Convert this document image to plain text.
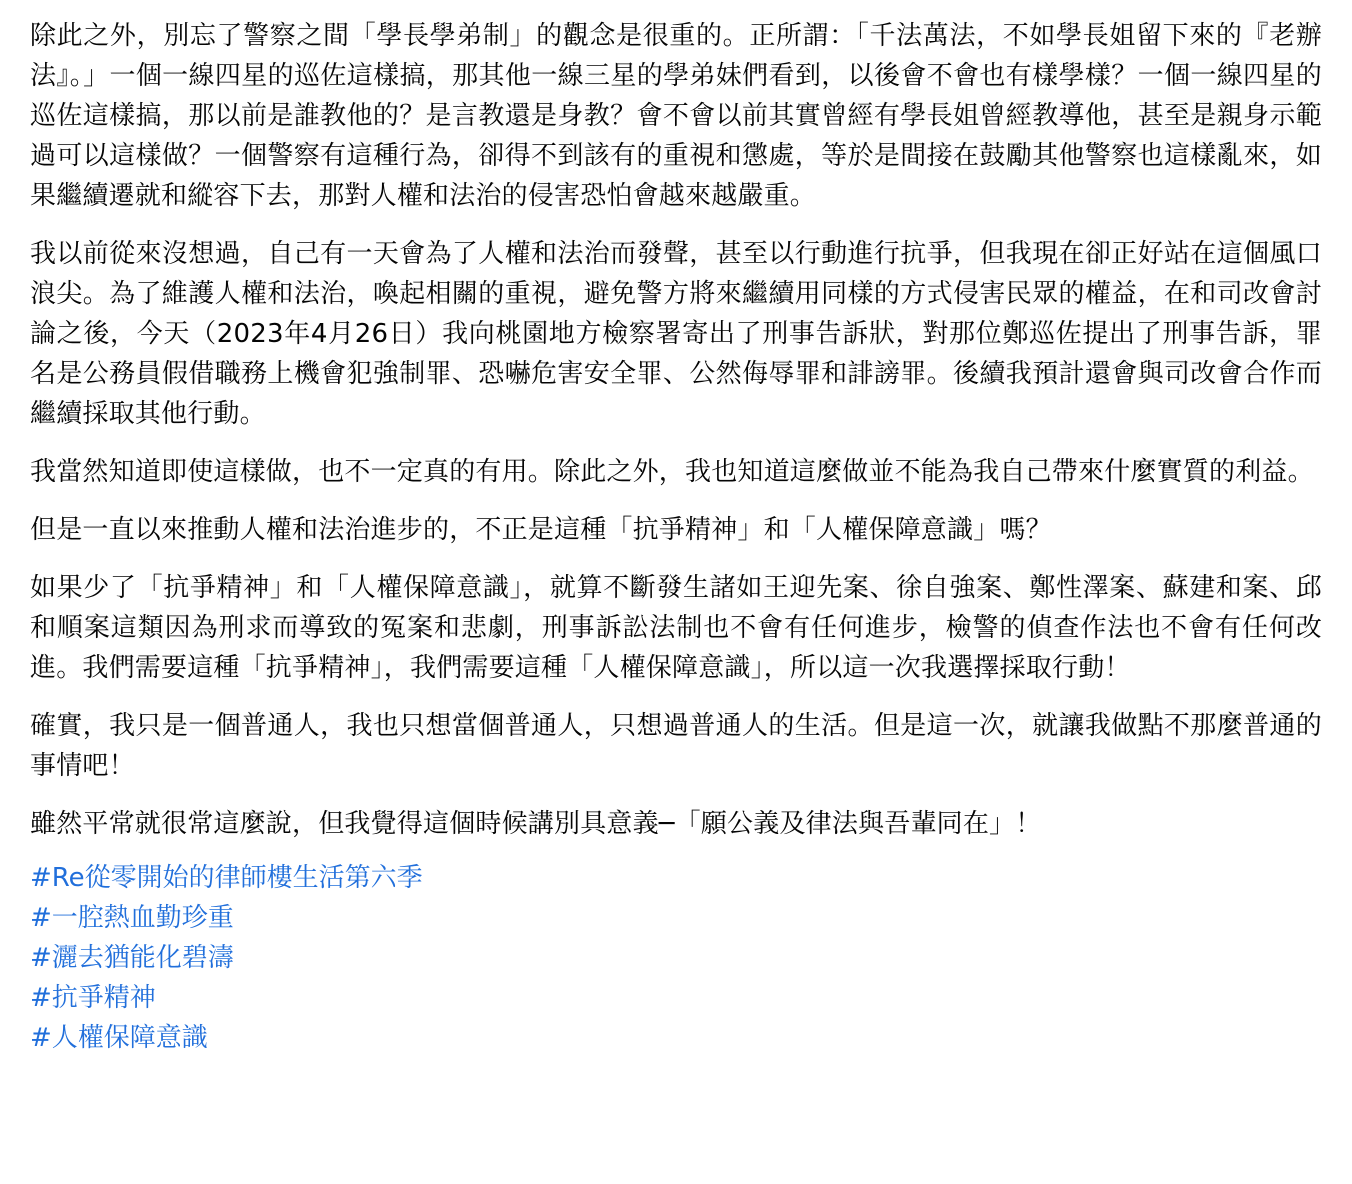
除此之外，別忘了警察之間「學長學弟制」的觀念是很重的。正所謂：「千法萬法，不如學長姐留下來的『老辦法』。」一個一線四星的巡佐這樣搞，那其他一線三星的學弟妹們看到，以後會不會也有樣學樣？一個一線四星的巡佐這樣搞，那以前是誰教他的？是言教還是身教？會不會以前其實曾經有學長姐曾經教導他，甚至是親身示範過可以這樣做？一個警察有這種行為，卻得不到該有的重視和懲處，等於是間接在鼓勵其他警察也這樣亂來，如果繼續遷就和縱容下去，那對人權和法治的侵害恐怕會越來越嚴重。

我以前從來沒想過，自己有一天會為了人權和法治而發聲，甚至以行動進行抗爭，但我現在卻正好站在這個風口浪尖。為了維護人權和法治，喚起相關的重視，避免警方將來繼續用同樣的方式侵害民眾的權益，在和司改會討論之後，今天（2023年4月26日）我向桃園地方檢察署寄出了刑事告訴狀，對那位鄭巡佐提出了刑事告訴，罪名是公務員假借職務上機會犯強制罪、恐嚇危害安全罪、公然侮辱罪和誹謗罪。後續我預計還會與司改會合作而繼續採取其他行動。

我當然知道即使這樣做，也不一定真的有用。除此之外，我也知道這麼做並不能為我自己帶來什麼實質的利益。

但是一直以來推動人權和法治進步的，不正是這種「抗爭精神」和「人權保障意識」嗎？

如果少了「抗爭精神」和「人權保障意識」，就算不斷發生諸如王迎先案、徐自強案、鄭性澤案、蘇建和案、邱和順案這類因為刑求而導致的冤案和悲劇，刑事訴訟法制也不會有任何進步，檢警的偵查作法也不會有任何改進。我們需要這種「抗爭精神」，我們需要這種「人權保障意識」，所以這一次我選擇採取行動！

確實，我只是一個普通人，我也只想當個普通人，只想過普通人的生活。但是這一次，就讓我做點不那麼普通的事情吧！

雖然平常就很常這麼說，但我覺得這個時候講別具意義─「願公義及律法與吾輩同在」！

#Re從零開始的律師樓生活第六季
#一腔熱血勤珍重
#灑去猶能化碧濤
#抗爭精神
#人權保障意識
